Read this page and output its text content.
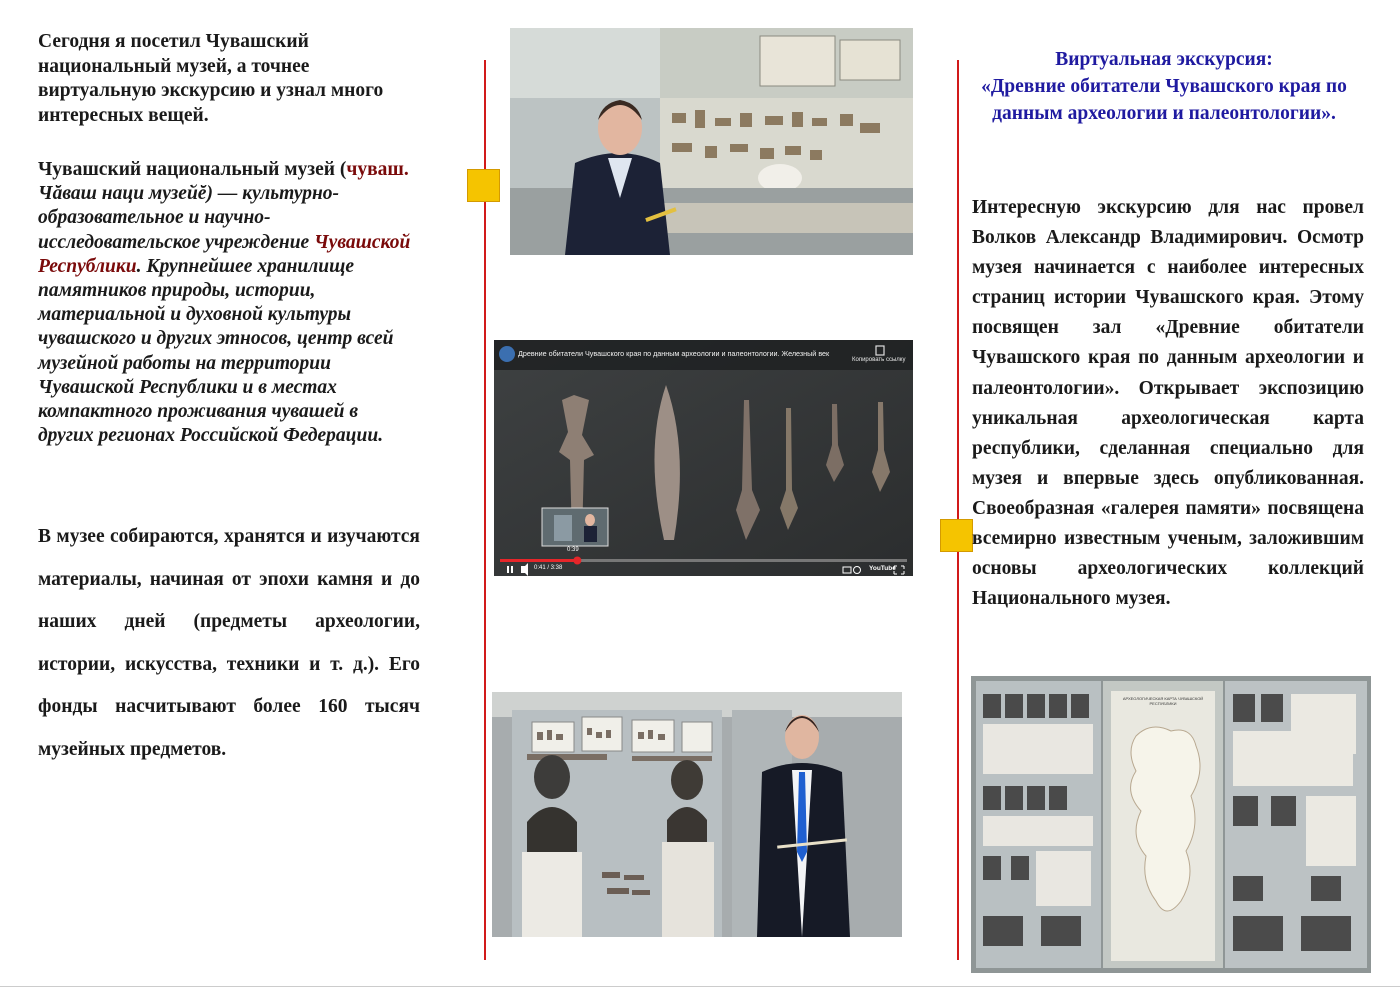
Сегодня я посетил Чувашский национальный музей, а точнее виртуальную экскурсию и узнал много интересных вещей.
Чувашский национальный музей (чуваш. Чăваш наци музейĕ) — культурно-образовательное и научно-исследовательское учреждение Чувашской Республики. Крупнейшее хранилище памятников природы, истории, материальной и духовной культуры чувашского и других этносов, центр всей музейной работы на территории Чувашской Республики и в местах компактного проживания чувашей в других регионах Российской Федерации.
В музее собираются, хранятся и изучаются материалы, начиная от эпохи камня и до наших дней (предметы археологии, истории, искусства, техники и т. д.). Его фонды насчитывают более 160 тысяч музейных предметов.
Древние обитатели Чувашского края по данным археологии и палеонтологии. Железный век
Копировать ссылку
0:39
0:41 / 3:38	YouTube
Виртуальная экскурсия:
«Древние обитатели Чувашского края по данным археологии и палеонтологии».
Интересную экскурсию для нас провел Волков Александр Владимирович. Осмотр музея начинается с наиболее интересных страниц истории Чувашского края. Этому посвящен зал «Древние обитатели Чувашского края по данным археологии и палеонтологии». Открывает экспозицию уникальная археологическая карта республики, сделанная специально для музея и впервые здесь опубликованная. Своеобразная «галерея памяти» посвящена всемирно известным ученым, заложившим основы археологических коллекций Национального музея.
АРХЕОЛОГИЧЕСКАЯ КАРТА ЧУВАШСКОЙ РЕСПУБЛИКИ
